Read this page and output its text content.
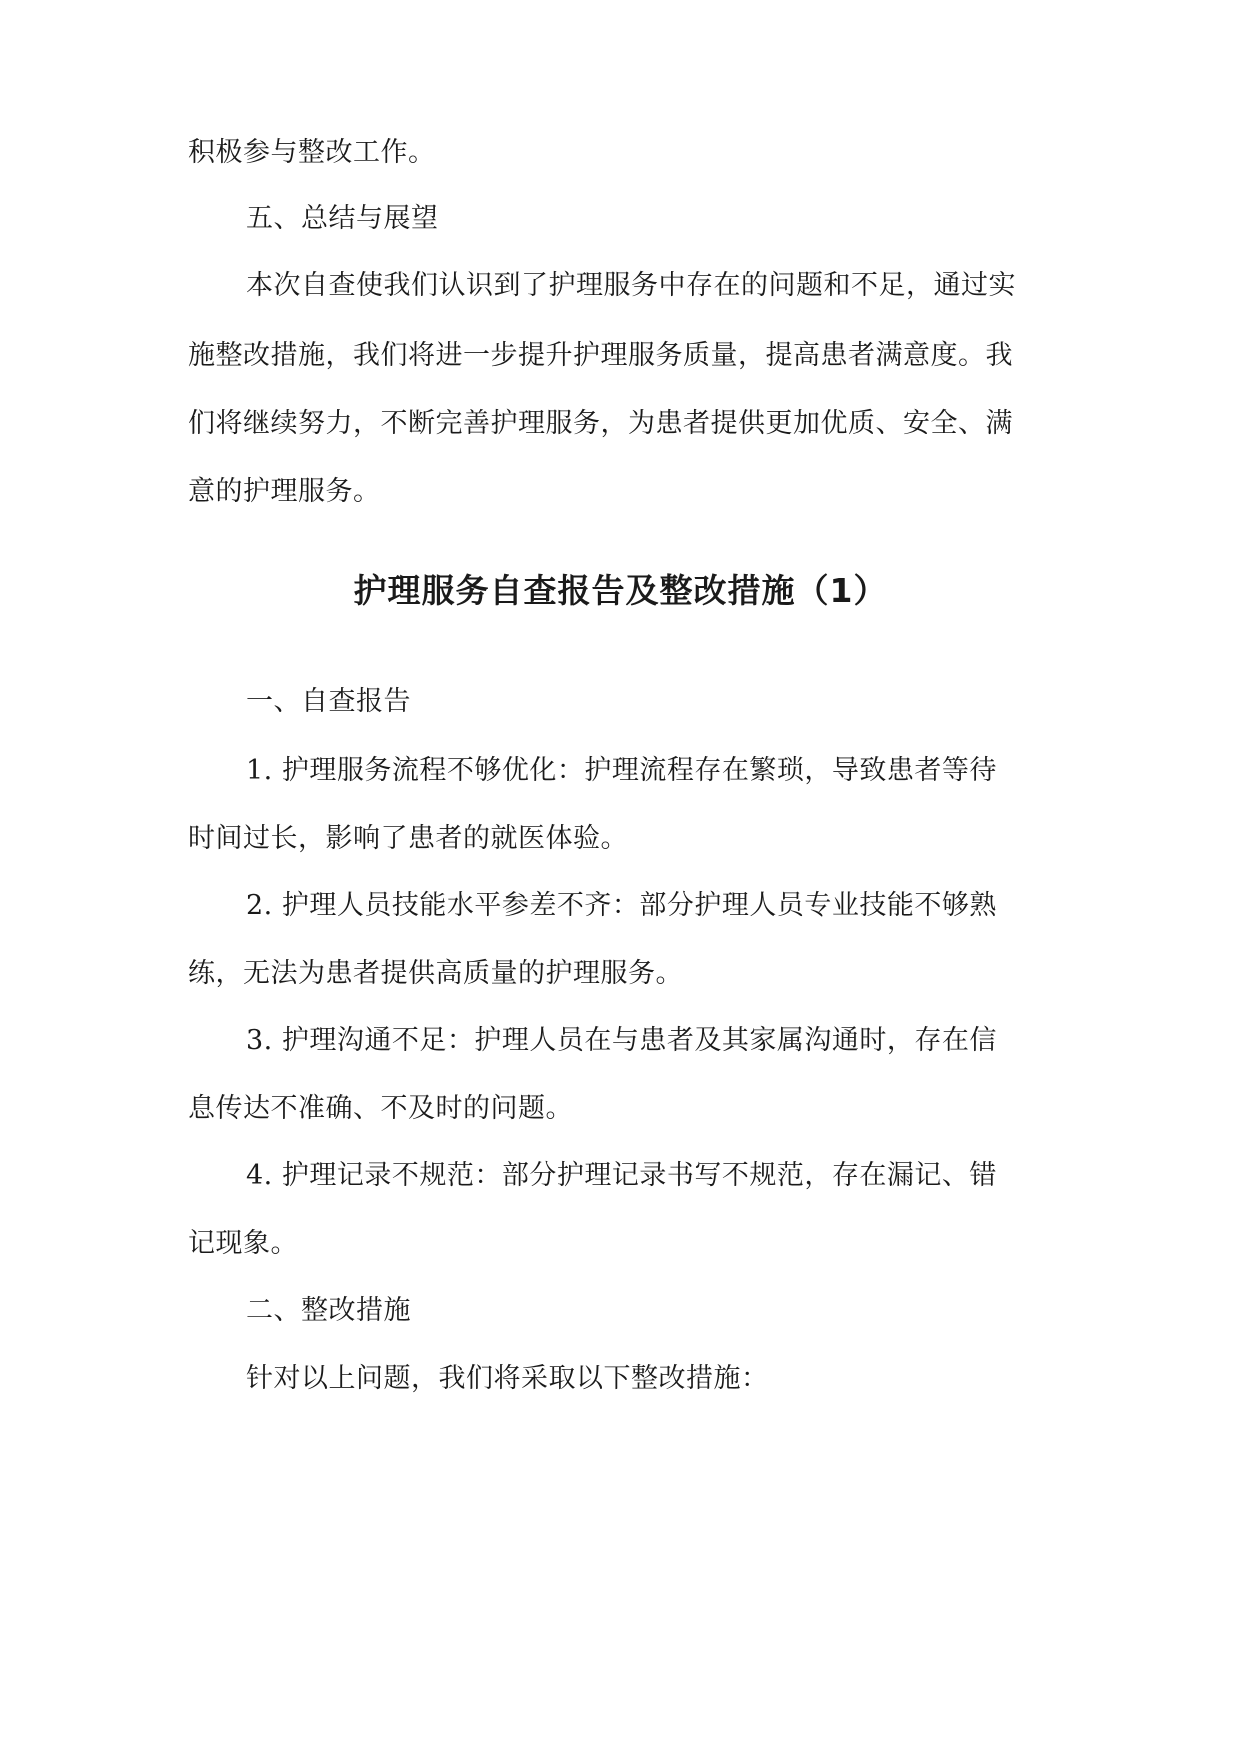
积极参与整改工作。
五、总结与展望
本次自查使我们认识到了护理服务中存在的问题和不足，通过实
施整改措施，我们将进一步提升护理服务质量，提高患者满意度。我
们将继续努力，不断完善护理服务，为患者提供更加优质、安全、满
意的护理服务。
护理服务自查报告及整改措施（1）
一、自查报告
1. 护理服务流程不够优化：护理流程存在繁琐，导致患者等待
时间过长，影响了患者的就医体验。
2. 护理人员技能水平参差不齐：部分护理人员专业技能不够熟
练，无法为患者提供高质量的护理服务。
3. 护理沟通不足：护理人员在与患者及其家属沟通时，存在信
息传达不准确、不及时的问题。
4. 护理记录不规范：部分护理记录书写不规范，存在漏记、错
记现象。
二、整改措施
针对以上问题，我们将采取以下整改措施：
